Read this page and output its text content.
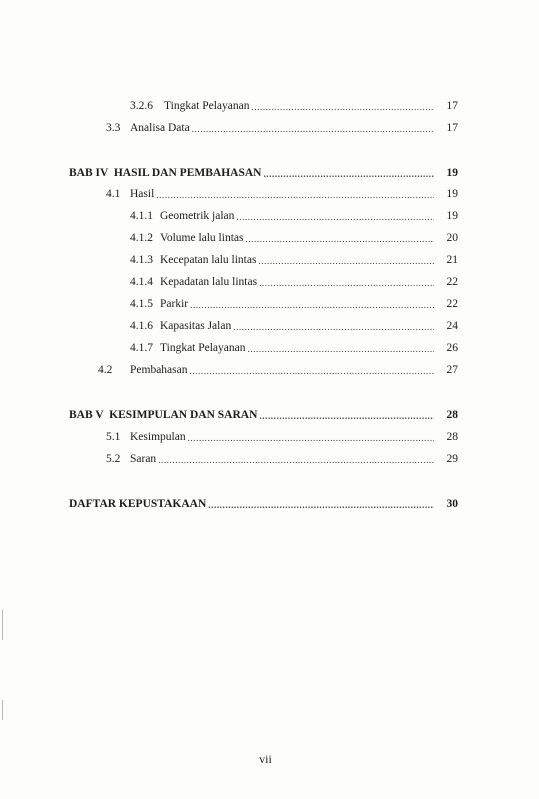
3.2.6 Tingkat Pelayanan .....	17
3.3 Analisa Data .....	17
BAB IV  HASIL DAN PEMBAHASAN .....	19
4.1 Hasil .....	19
4.1.1 Geometrik jalan .....	19
4.1.2 Volume lalu lintas .....	20
4.1.3 Kecepatan lalu lintas .....	21
4.1.4 Kepadatan lalu lintas .....	22
4.1.5 Parkir .....	22
4.1.6 Kapasitas Jalan .....	24
4.1.7 Tingkat Pelayanan .....	26
4.2	Pembahasan .....	27
BAB V  KESIMPULAN DAN SARAN .....	28
5.1 Kesimpulan .....	28
5.2 Saran .....	29
DAFTAR KEPUSTAKAAN .....	30
vii
